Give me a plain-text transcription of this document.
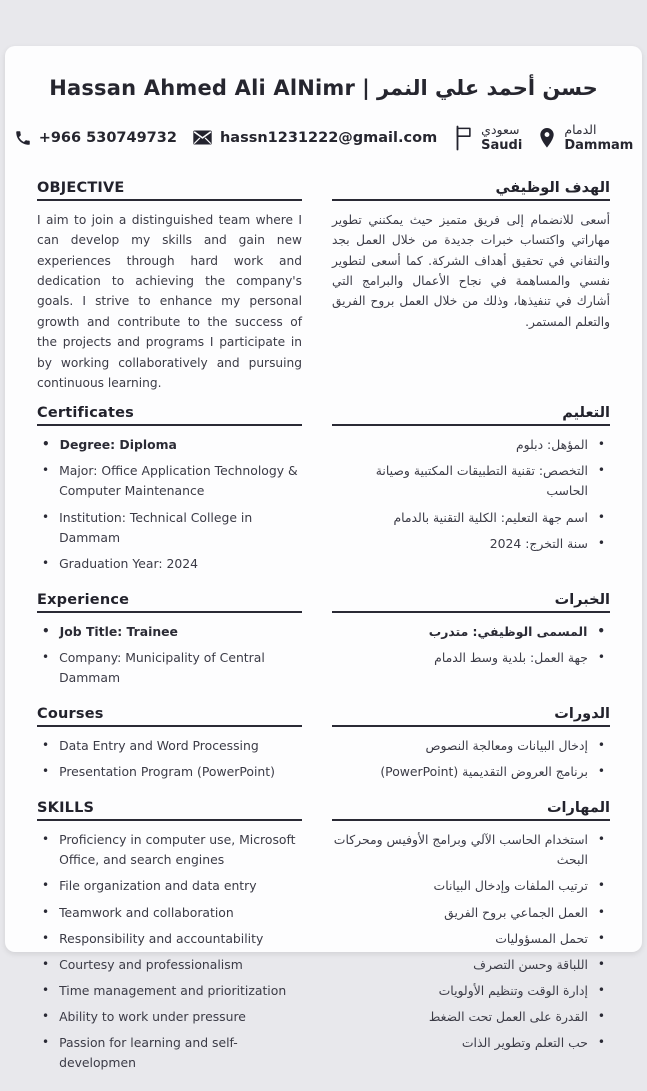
Hassan Ahmed Ali AlNimr | حسن أحمد علي النمر
+966 530749732	hassn1231222@gmail.com
سعودي
Saudi
الدمام
Dammam
OBJECTIVE

I aim to join a distinguished team where I can develop my skills and gain new experiences through hard work and dedication to achieving the company's goals. I strive to enhance my personal growth and contribute to the success of the projects and programs I participate in by working collaboratively and pursuing continuous learning.

الهدف الوظيفي

أسعى للانضمام إلى فريق متميز حيث يمكنني تطوير مهاراتي واكتساب خبرات جديدة من خلال العمل بجد والتفاني في تحقيق أهداف الشركة. كما أسعى لتطوير نفسي والمساهمة في نجاح الأعمال والبرامج التي أشارك في تنفيذها، وذلك من خلال العمل بروح الفريق والتعلم المستمر.

Certificates
• Degree: Diploma
• Major: Office Application Technology & Computer Maintenance
• Institution: Technical College in Dammam
• Graduation Year: 2024
التعليم
•
المؤهل: دبلوم
•
التخصص: تقنية التطبيقات المكتبية وصيانة الحاسب
•
اسم جهة التعليم: الكلية التقنية بالدمام
•
سنة التخرج: 2024
Experience
• Job Title: Trainee
• Company: Municipality of Central Dammam
الخبرات
•
المسمى الوظيفي: متدرب
•
جهة العمل: بلدية وسط الدمام
Courses
• Data Entry and Word Processing
• Presentation Program (PowerPoint)
الدورات
•
إدخال البيانات ومعالجة النصوص
•
برنامج العروض التقديمية (PowerPoint)
SKILLS
• Proficiency in computer use, Microsoft Office, and search engines
• File organization and data entry
• Teamwork and collaboration
• Responsibility and accountability
• Courtesy and professionalism
• Time management and prioritization
• Ability to work under pressure
• Passion for learning and self-developmen
المهارات
•
استخدام الحاسب الآلي وبرامج الأوفيس ومحركات البحث
•
ترتيب الملفات وإدخال البيانات
•
العمل الجماعي بروح الفريق
•
تحمل المسؤوليات
•
اللباقة وحسن التصرف
•
إدارة الوقت وتنظيم الأولويات
•
القدرة على العمل تحت الضغط
•
حب التعلم وتطوير الذات
